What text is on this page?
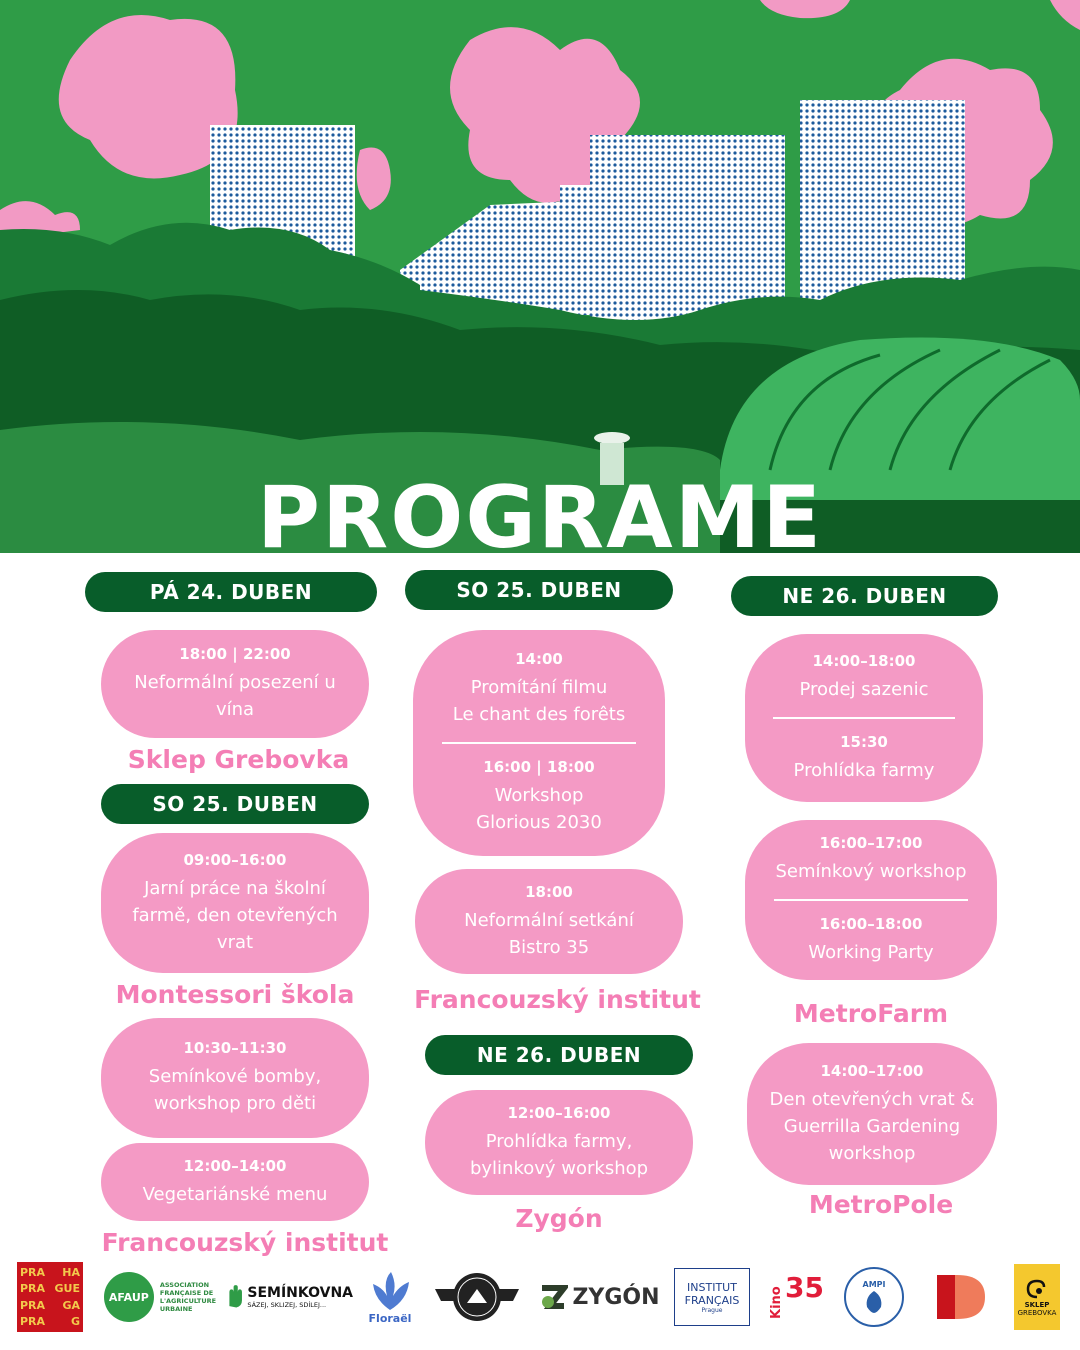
PROGRAME
PÁ 24. DUBEN
18:00 | 22:00
Neformální posezení u vína
Sklep Grebovka
SO 25. DUBEN
09:00–16:00
Jarní práce na školní farmě, den otevřených vrat
Montessori škola
10:30–11:30
Semínkové bomby, workshop pro děti
12:00–14:00
Vegetariánské menu
Francouzský institut
SO 25. DUBEN
14:00
Promítání filmu
Le chant des forêts
16:00 | 18:00
Workshop
Glorious 2030
18:00
Neformální setkání
Bistro 35
Francouzský institut
NE 26. DUBEN
12:00–16:00
Prohlídka farmy,
bylinkový workshop
Zygón
NE 26. DUBEN
14:00–18:00
Prodej sazenic
15:30
Prohlídka farmy
16:00–17:00
Semínkový workshop
16:00–18:00
Working Party
MetroFarm
14:00–17:00
Den otevřených vrat & Guerrilla Gardening workshop
MetroPole
PRA HA
PRA GUE
PRA GA
PRA G
AFAUP
ASSOCIATION
FRANÇAISE DE
L'AGRICULTURE
URBAINE
SEMÍNKOVNA
SÁZEJ, SKLIZEJ, SDÍLEJ...
Floraël
ZYGÓN	INSTITUT
FRANÇAIS
Prague	Kino 35	AMPI
SKLEP
GREBOVKA
